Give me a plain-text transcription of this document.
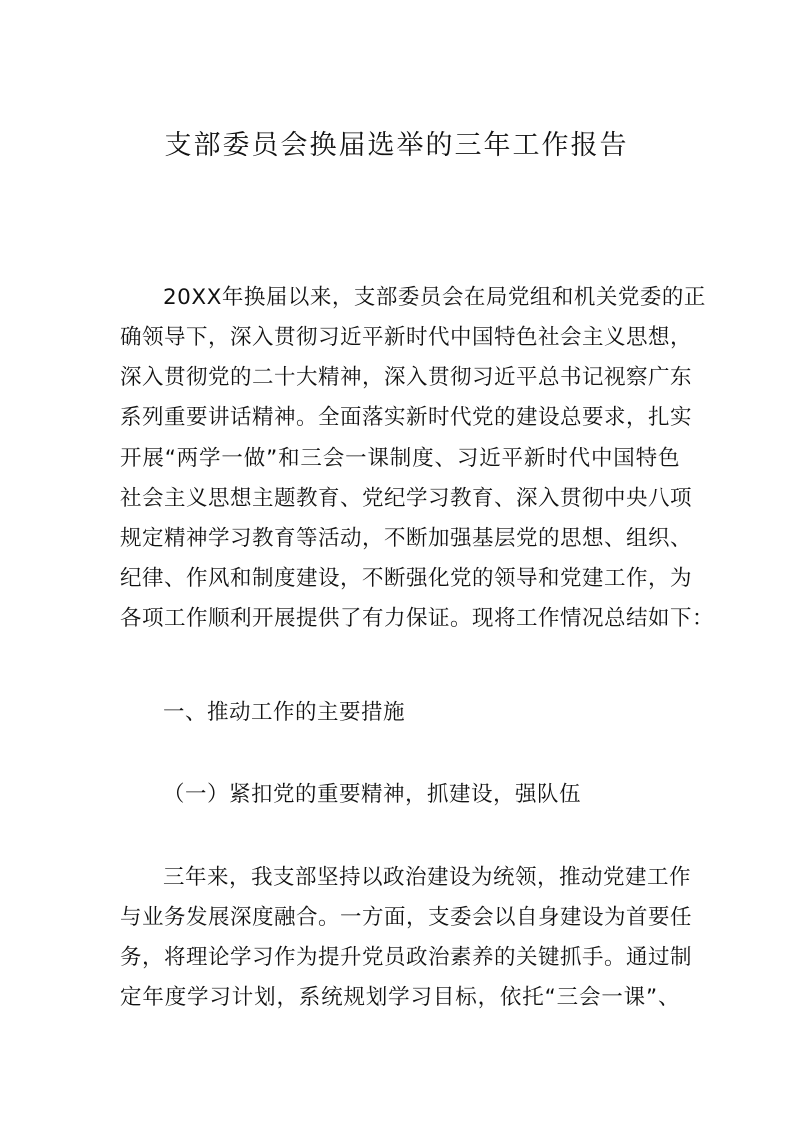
支部委员会换届选举的三年工作报告

20XX年换届以来，支部委员会在局党组和机关党委的正

确领导下，深入贯彻习近平新时代中国特色社会主义思想，

深入贯彻党的二十大精神，深入贯彻习近平总书记视察广东

系列重要讲话精神。全面落实新时代党的建设总要求，扎实

开展“两学一做”和三会一课制度、习近平新时代中国特色

社会主义思想主题教育、党纪学习教育、深入贯彻中央八项

规定精神学习教育等活动，不断加强基层党的思想、组织、

纪律、作风和制度建设，不断强化党的领导和党建工作，为

各项工作顺利开展提供了有力保证。现将工作情况总结如下：

一、推动工作的主要措施

（一）紧扣党的重要精神，抓建设，强队伍

三年来，我支部坚持以政治建设为统领，推动党建工作

与业务发展深度融合。一方面，支委会以自身建设为首要任

务，将理论学习作为提升党员政治素养的关键抓手。通过制

定年度学习计划，系统规划学习目标，依托“三会一课”、
